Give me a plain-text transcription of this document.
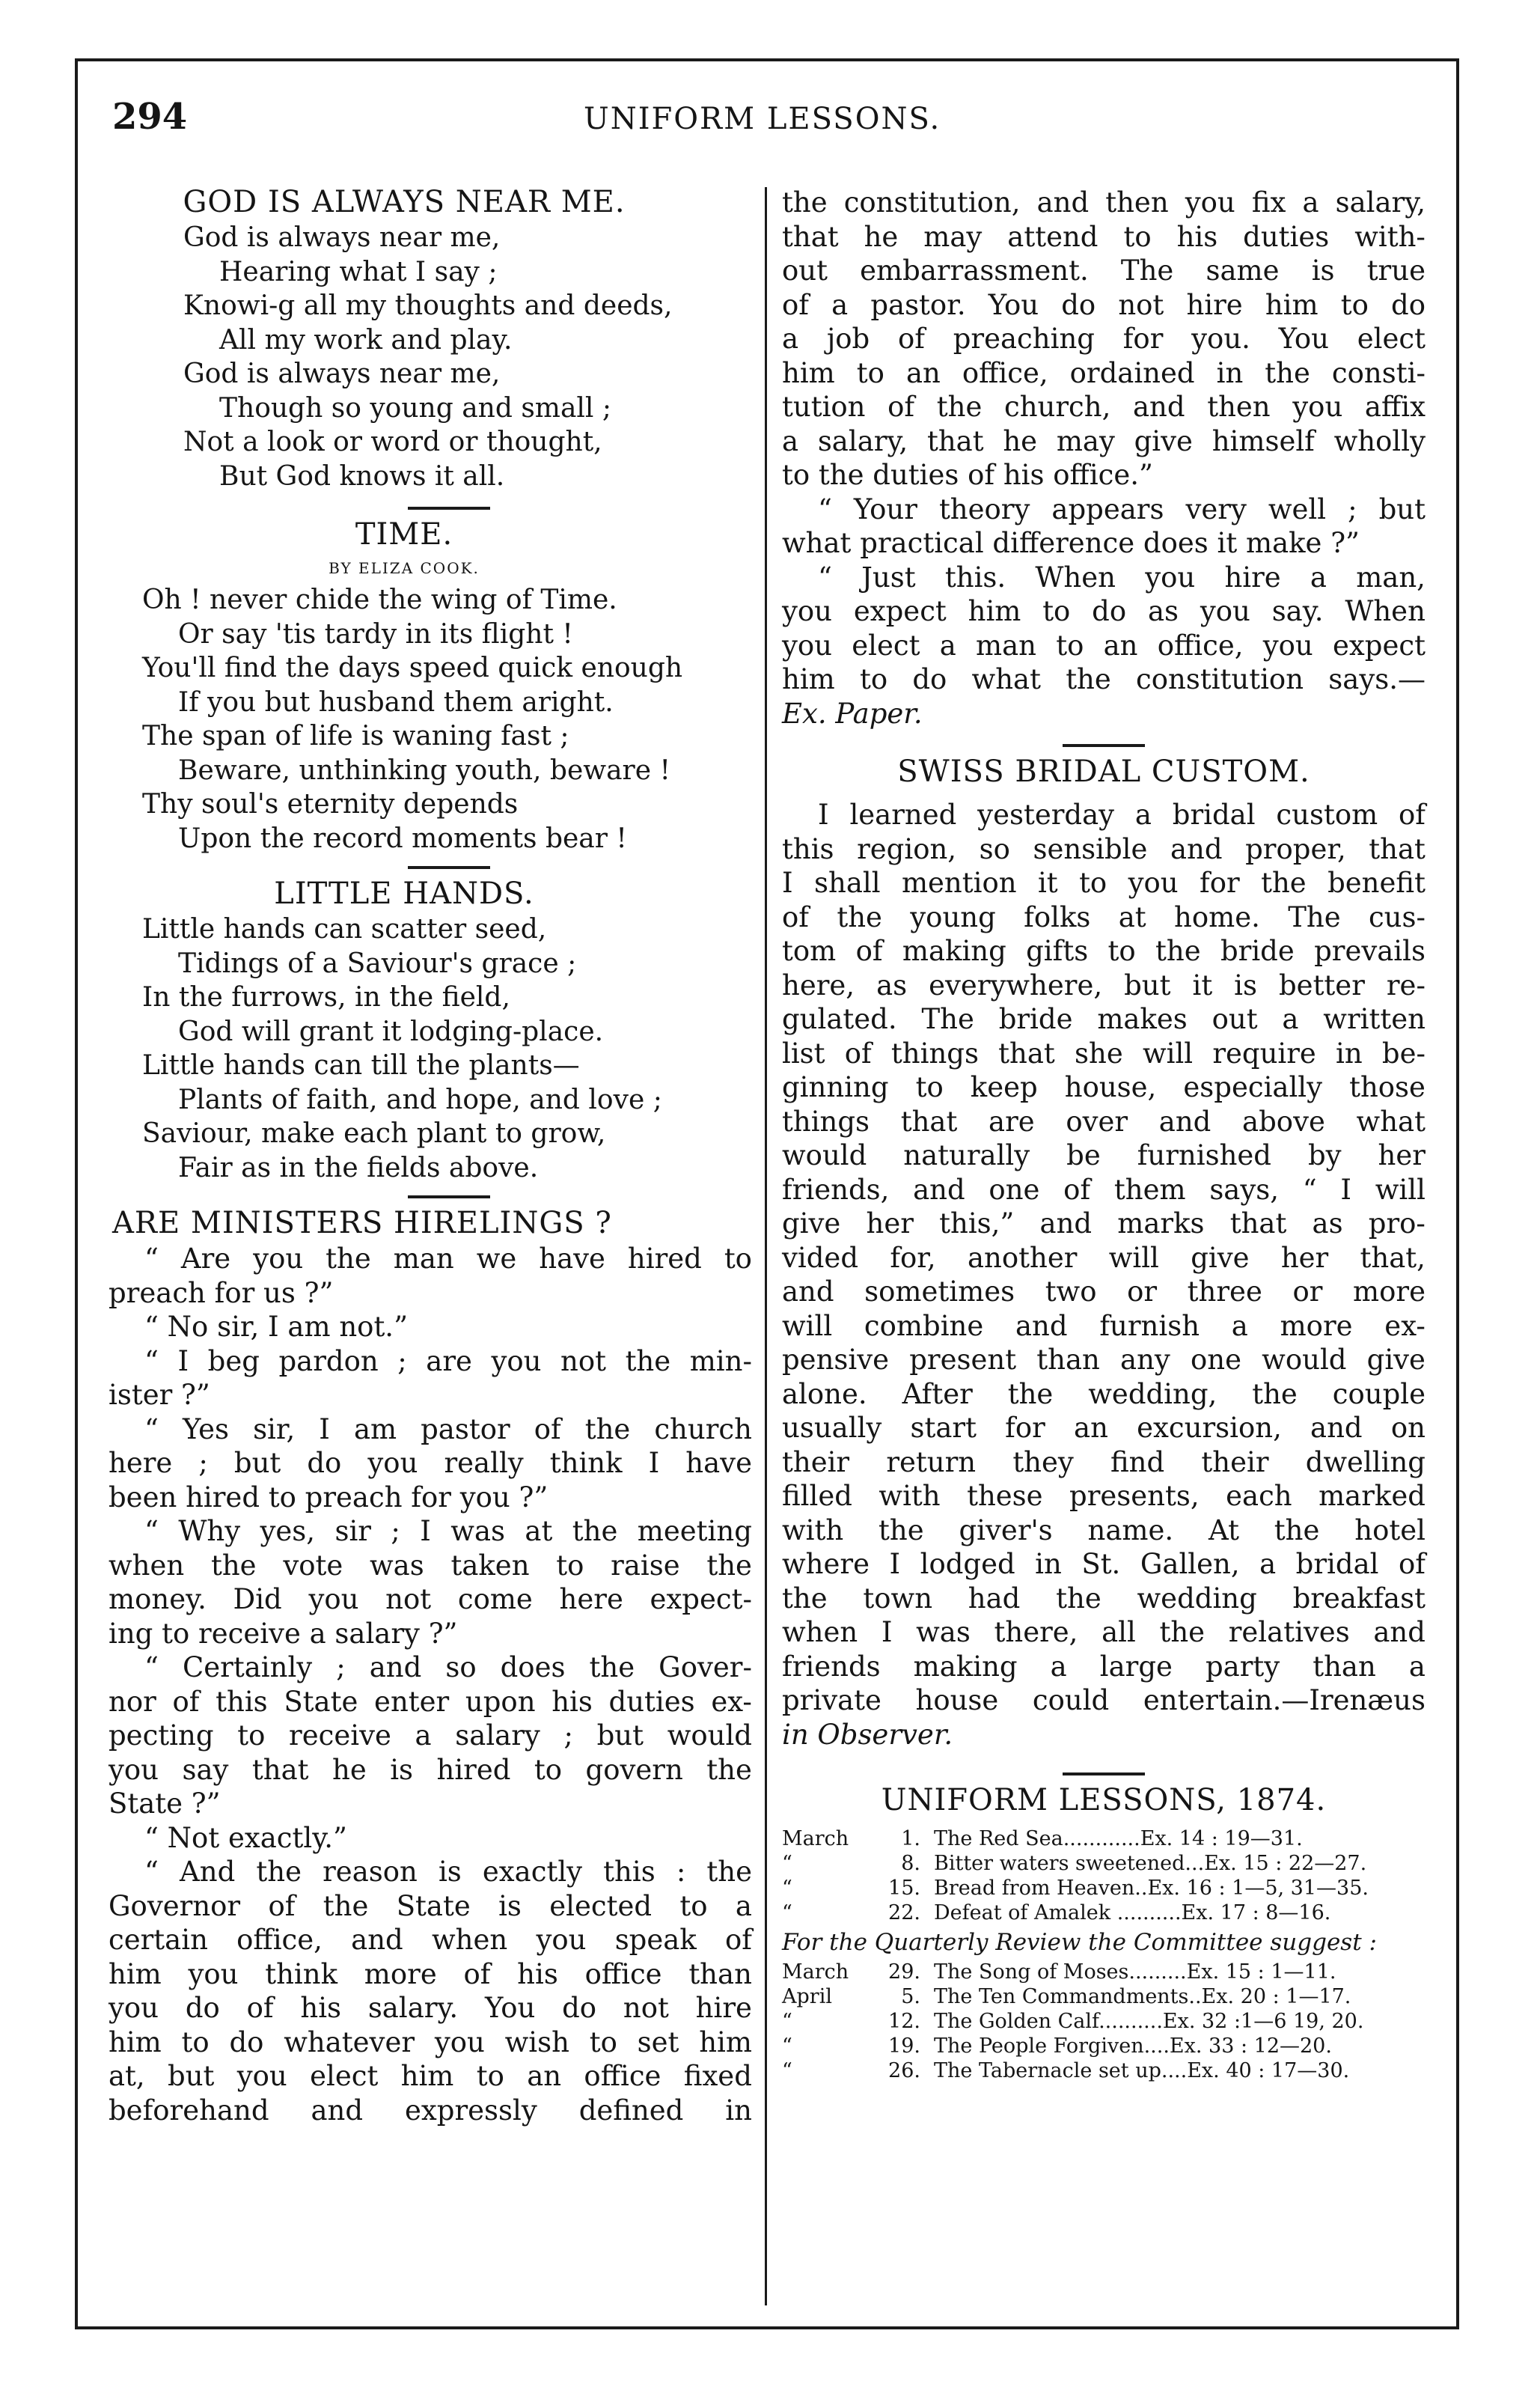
294	UNIFORM LESSONS.
GOD IS ALWAYS NEAR ME.
God is always near me,
Hearing what I say ;
Knowi-g all my thoughts and deeds,
All my work and play.
God is always near me,
Though so young and small ;
Not a look or word or thought,
But God knows it all.
TIME.
BY ELIZA COOK.
Oh ! never chide the wing of Time.
Or say 'tis tardy in its flight !
You'll find the days speed quick enough
If you but husband them aright.
The span of life is waning fast ;
Beware, unthinking youth, beware !
Thy soul's eternity depends
Upon the record moments bear !
LITTLE HANDS.
Little hands can scatter seed,
Tidings of a Saviour's grace ;
In the furrows, in the field,
God will grant it lodging-place.
Little hands can till the plants—
Plants of faith, and hope, and love ;
Saviour, make each plant to grow,
Fair as in the fields above.
ARE MINISTERS HIRELINGS ?
“ Are you the man we have hired to
preach for us ?”
“ No sir, I am not.”
“ I beg pardon ; are you not the min-
ister ?”
“ Yes sir, I am pastor of the church
here ; but do you really think I have
been hired to preach for you ?”
“ Why yes, sir ; I was at the meeting
when the vote was taken to raise the
money. Did you not come here expect-
ing to receive a salary ?”
“ Certainly ; and so does the Gover-
nor of this State enter upon his duties ex-
pecting to receive a salary ; but would
you say that he is hired to govern the
State ?”
“ Not exactly.”
“ And the reason is exactly this : the
Governor of the State is elected to a
certain office, and when you speak of
him you think more of his office than
you do of his salary. You do not hire
him to do whatever you wish to set him
at, but you elect him to an office fixed
beforehand and expressly defined in
the constitution, and then you fix a salary,
that he may attend to his duties with-
out embarrassment. The same is true
of a pastor. You do not hire him to do
a job of preaching for you. You elect
him to an office, ordained in the consti-
tution of the church, and then you affix
a salary, that he may give himself wholly
to the duties of his office.”
“ Your theory appears very well ; but
what practical difference does it make ?”
“ Just this. When you hire a man,
you expect him to do as you say. When
you elect a man to an office, you expect
him to do what the constitution says.—
Ex. Paper.
SWISS BRIDAL CUSTOM.
I learned yesterday a bridal custom of
this region, so sensible and proper, that
I shall mention it to you for the benefit
of the young folks at home. The cus-
tom of making gifts to the bride prevails
here, as everywhere, but it is better re-
gulated. The bride makes out a written
list of things that she will require in be-
ginning to keep house, especially those
things that are over and above what
would naturally be furnished by her
friends, and one of them says, “ I will
give her this,” and marks that as pro-
vided for, another will give her that,
and sometimes two or three or more
will combine and furnish a more ex-
pensive present than any one would give
alone. After the wedding, the couple
usually start for an excursion, and on
their return they find their dwelling
filled with these presents, each marked
with the giver's name. At the hotel
where I lodged in St. Gallen, a bridal of
the town had the wedding breakfast
when I was there, all the relatives and
friends making a large party than a
private house could entertain.—Irenæus
in Observer.
UNIFORM LESSONS, 1874.
March	1. The Red Sea............Ex. 14 : 19—31.
“	8. Bitter waters sweetened...Ex. 15 : 22—27.
“	15. Bread from Heaven..Ex. 16 : 1—5, 31—35.
“	22. Defeat of Amalek ..........Ex. 17 : 8—16.
For the Quarterly Review the Committee suggest :
March	29. The Song of Moses.........Ex. 15 : 1—11.
April	5. The Ten Commandments..Ex. 20 : 1—17.
“	12. The Golden Calf..........Ex. 32 :1—6 19, 20.
“	19. The People Forgiven....Ex. 33 : 12—20.
“	26. The Tabernacle set up....Ex. 40 : 17—30.
